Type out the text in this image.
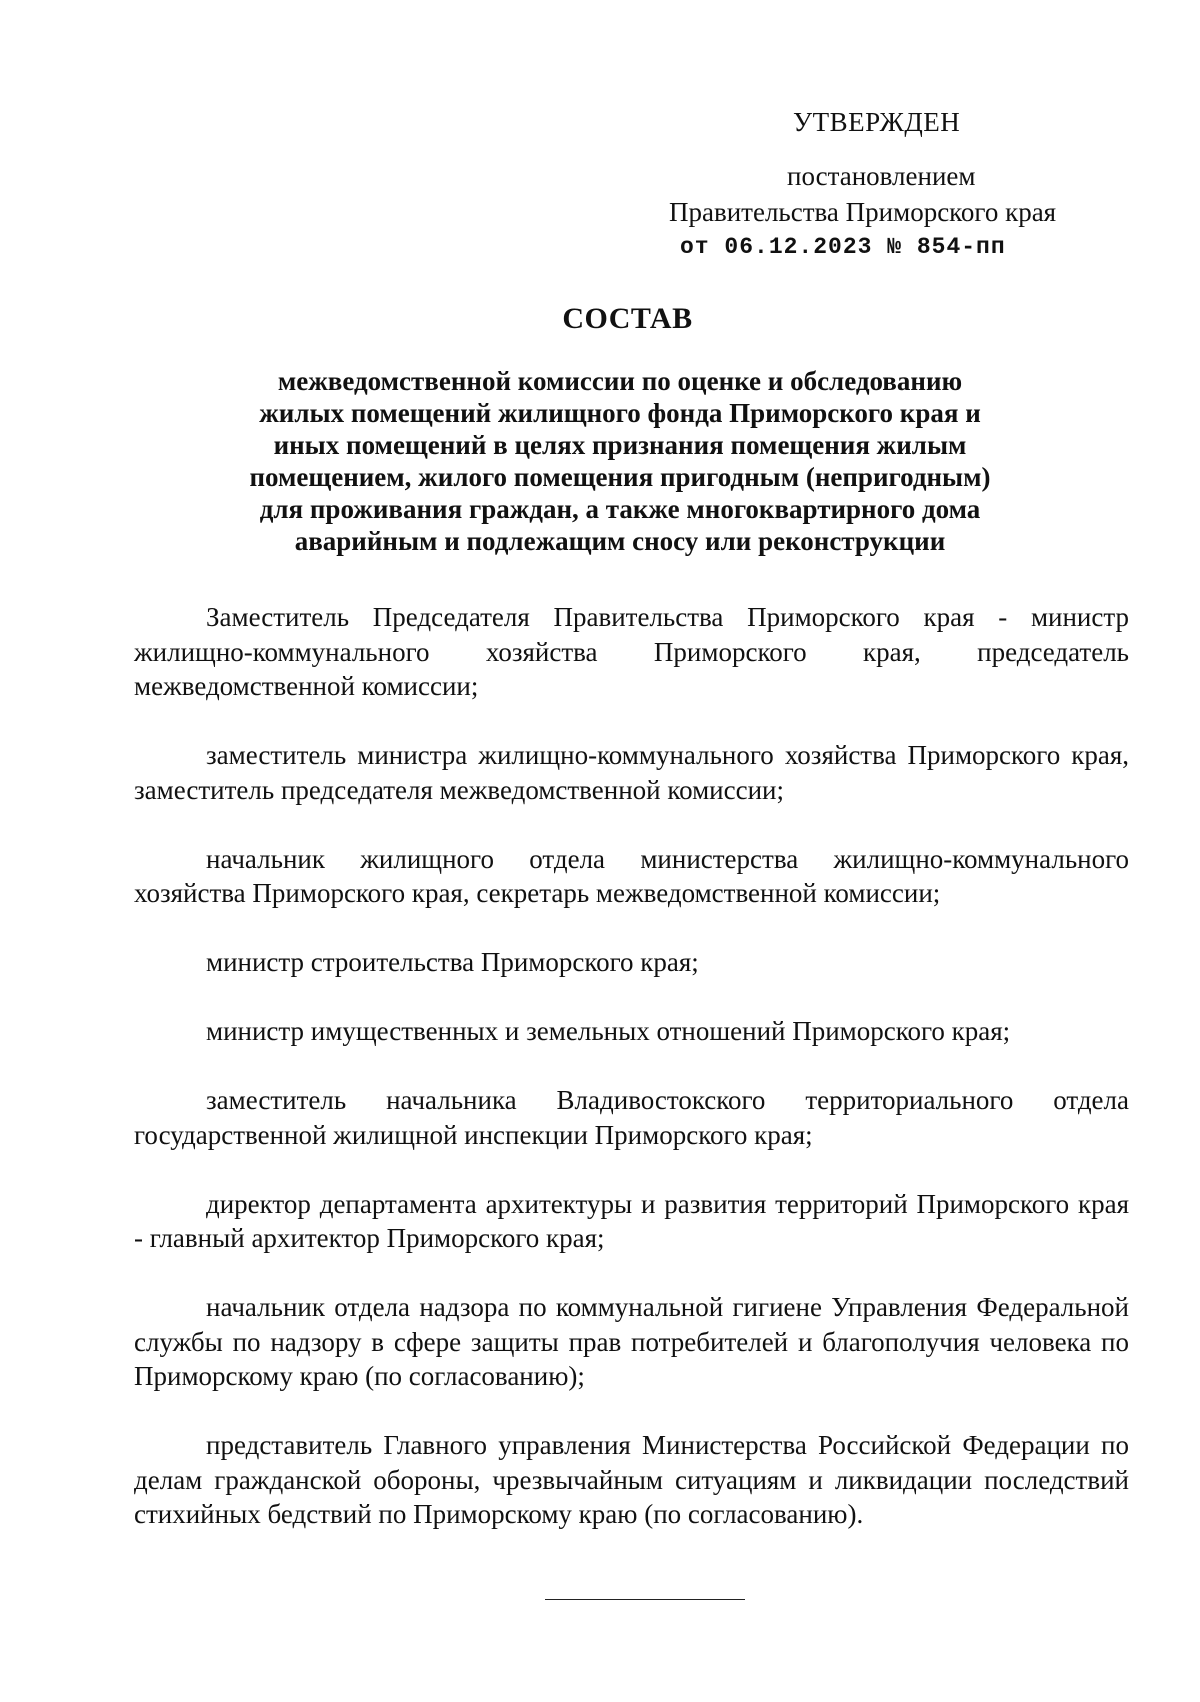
УТВЕРЖДЕН
постановлением
Правительства Приморского края
от 06.12.2023 № 854-пп
СОСТАВ
межведомственной комиссии по оценке и обследованию
жилых помещений жилищного фонда Приморского края и
иных помещений в целях признания помещения жилым
помещением, жилого помещения пригодным (непригодным)
для проживания граждан, а также многоквартирного дома
аварийным и подлежащим сносу или реконструкции

Заместитель Председателя Правительства Приморского края - министр жилищно-коммунального хозяйства Приморского края, председатель межведомственной комиссии;

заместитель министра жилищно-коммунального хозяйства Приморского края, заместитель председателя межведомственной комиссии;

начальник жилищного отдела министерства жилищно-коммунального хозяйства Приморского края, секретарь межведомственной комиссии;

министр строительства Приморского края;

министр имущественных и земельных отношений Приморского края;

заместитель начальника Владивостокского территориального отдела государственной жилищной инспекции Приморского края;

директор департамента архитектуры и развития территорий Приморского края - главный архитектор Приморского края;

начальник отдела надзора по коммунальной гигиене Управления Федеральной службы по надзору в сфере защиты прав потребителей и благополучия человека по Приморскому краю (по согласованию);

представитель Главного управления Министерства Российской Федерации по делам гражданской обороны, чрезвычайным ситуациям и ликвидации последствий стихийных бедствий по Приморскому краю (по согласованию).
